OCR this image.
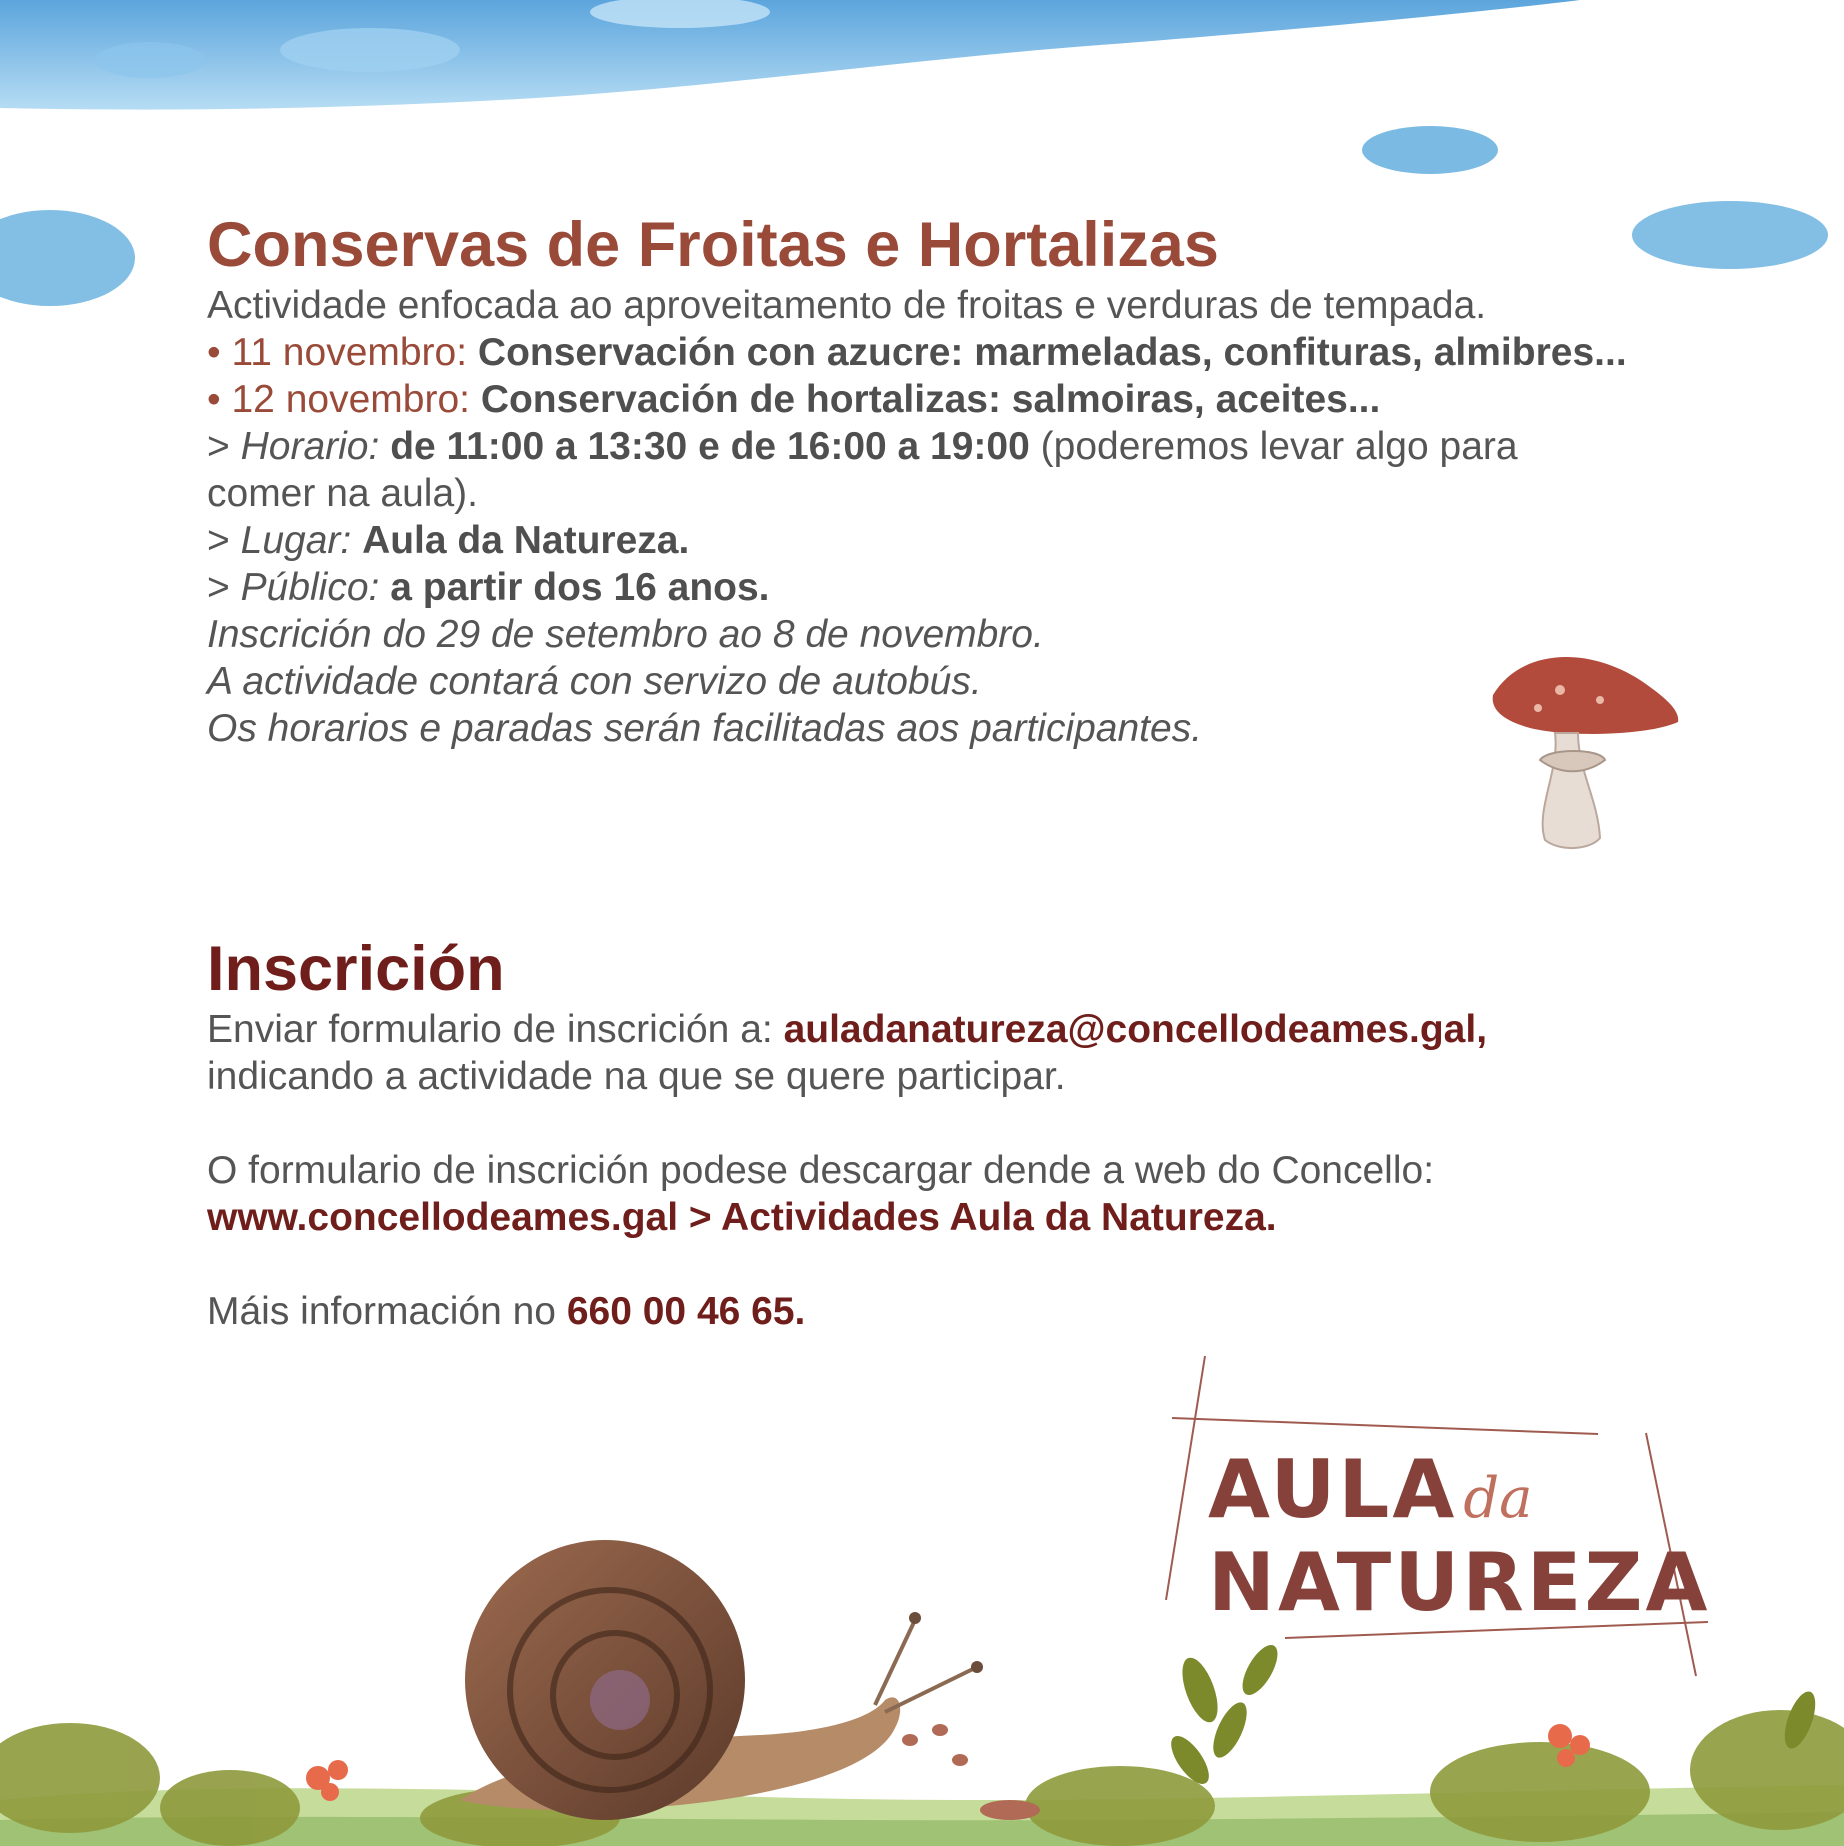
Conservas de Froitas e Hortalizas

Actividade enfocada ao aproveitamento de froitas e verduras de tempada.

• 11 novembro: Conservación con azucre: marmeladas, confituras, almibres...

• 12 novembro: Conservación de hortalizas: salmoiras, aceites...

> Horario: de 11:00 a 13:30 e de 16:00 a 19:00 (poderemos levar algo para comer na aula).

> Lugar: Aula da Natureza.

> Público: a partir dos 16 anos.

Inscrición do 29 de setembro ao 8 de novembro.

A actividade contará con servizo de autobús.

Os horarios e paradas serán facilitadas aos participantes.

Inscrición

Enviar formulario de inscrición a: auladanatureza@concellodeames.gal,

indicando a actividade na que se quere participar.

O formulario de inscrición podese descargar dende a web do Concello:

www.concellodeames.gal > Actividades Aula da Natureza.

Máis información no 660 00 46 65.

AULA da
NATUREZA
